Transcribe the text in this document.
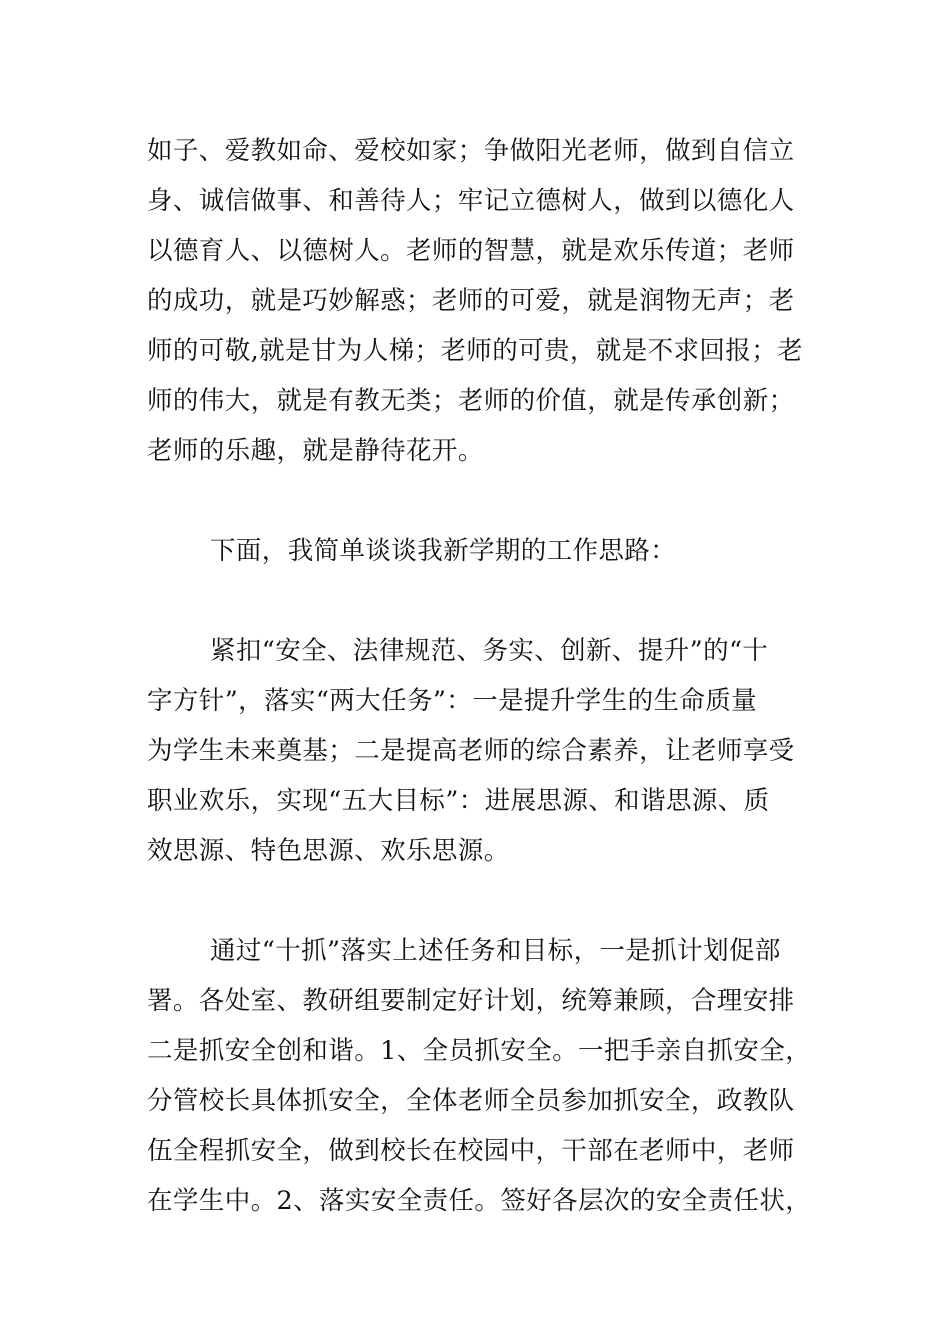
如子、爱教如命、爱校如家；争做阳光老师，做到自信立
身、诚信做事、和善待人；牢记立德树人，做到以德化人
以德育人、以德树人。老师的智慧，就是欢乐传道；老师
的成功，就是巧妙解惑；老师的可爱，就是润物无声；老
师的可敬,就是甘为人梯；老师的可贵，就是不求回报；老
师的伟大，就是有教无类；老师的价值，就是传承创新；
老师的乐趣，就是静待花开。
下面，我简单谈谈我新学期的工作思路：
紧扣“安全、法律规范、务实、创新、提升”的“十
字方针”，落实“两大任务”：一是提升学生的生命质量
为学生未来奠基；二是提高老师的综合素养，让老师享受
职业欢乐，实现“五大目标”：进展思源、和谐思源、质
效思源、特色思源、欢乐思源。
通过“十抓”落实上述任务和目标，一是抓计划促部
署。各处室、教研组要制定好计划，统筹兼顾，合理安排
二是抓安全创和谐。1、全员抓安全。一把手亲自抓安全，
分管校长具体抓安全，全体老师全员参加抓安全，政教队
伍全程抓安全，做到校长在校园中，干部在老师中，老师
在学生中。2、落实安全责任。签好各层次的安全责任状，
